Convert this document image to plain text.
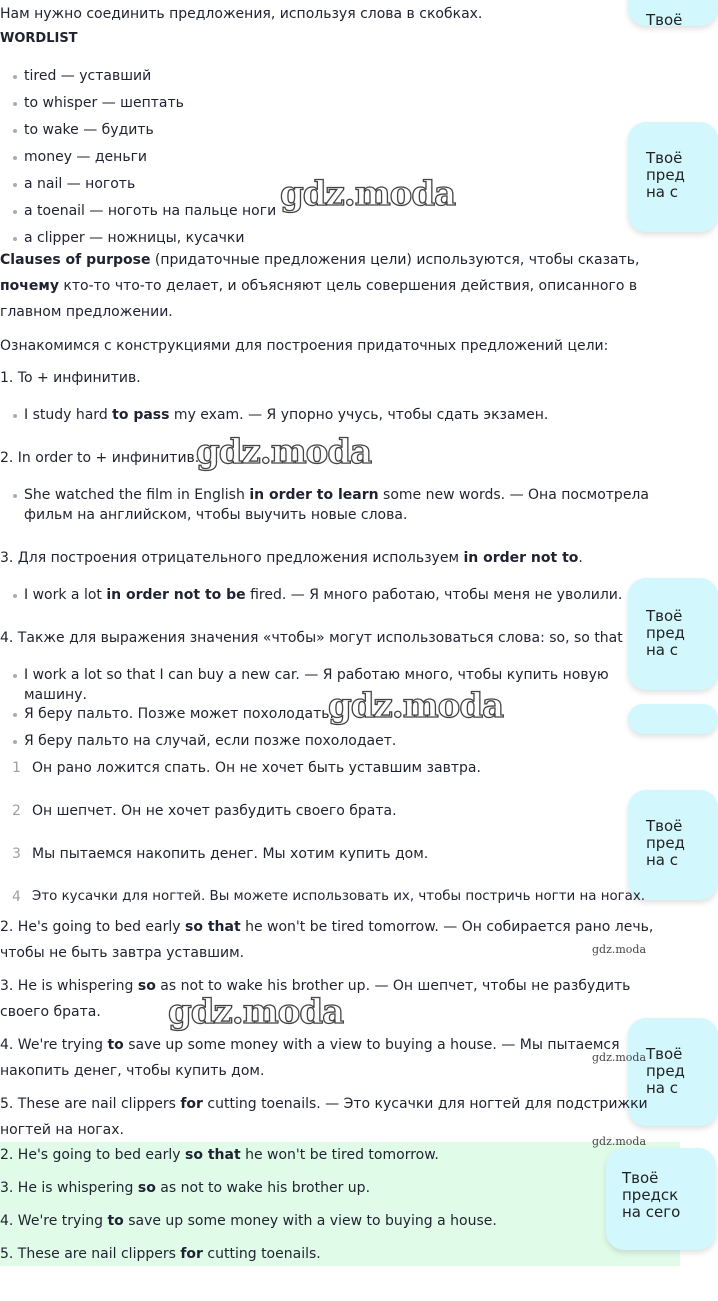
Твоё
Твоё
пред
на с
Твоё
пред
на с
Твоё
пред
на с
Твоё
пред
на с
Нам нужно соединить предложения, используя слова в скобках.
WORDLIST
tired — уставший
to whisper — шептать
to wake — будить
money — деньги
a nail — ноготь
a toenail — ноготь на пальце ноги
a clipper — ножницы, кусачки
Clauses of purpose (придаточные предложения цели) используются, чтобы сказать,
почему кто-то что-то делает, и объясняют цель совершения действия, описанного в
главном предложении.
Ознакомимся с конструкциями для построения придаточных предложений цели:
1. To + инфинитив.
I study hard to pass my exam. — Я упорно учусь, чтобы сдать экзамен.
2. In order to + инфинитив.
She watched the film in English in order to learn some new words. — Она посмотрела
фильм на английском, чтобы выучить новые слова.
3. Для построения отрицательного предложения используем in order not to.
I work a lot in order not to be fired. — Я много работаю, чтобы меня не уволили.
4. Также для выражения значения «чтобы» могут использоваться слова: so, so that
I work a lot so that I can buy a new car. — Я работаю много, чтобы купить новую
машину.
Я беру пальто. Позже может похолодать.
Я беру пальто на случай, если позже похолодает.
1 Он рано ложится спать. Он не хочет быть уставшим завтра.
2 Он шепчет. Он не хочет разбудить своего брата.
3 Мы пытаемся накопить денег. Мы хотим купить дом.
4 Это кусачки для ногтей. Вы можете использовать их, чтобы постричь ногти на ногах.
2. He's going to bed early so that he won't be tired tomorrow. — Он собирается рано лечь,
чтобы не быть завтра уставшим.
3. He is whispering so as not to wake his brother up. — Он шепчет, чтобы не разбудить
своего брата.
4. We're trying to save up some money with a view to buying a house. — Мы пытаемся
накопить денег, чтобы купить дом.
5. These are nail clippers for cutting toenails. — Это кусачки для ногтей для подстрижки
ногтей на ногах.
2. He's going to bed early so that he won't be tired tomorrow.
3. He is whispering so as not to wake his brother up.
4. We're trying to save up some money with a view to buying a house.
5. These are nail clippers for cutting toenails.
Твоё
предск
на сего
gdz.moda
gdz.moda
gdz.moda
gdz.moda
gdz.moda
gdz.moda
gdz.moda
